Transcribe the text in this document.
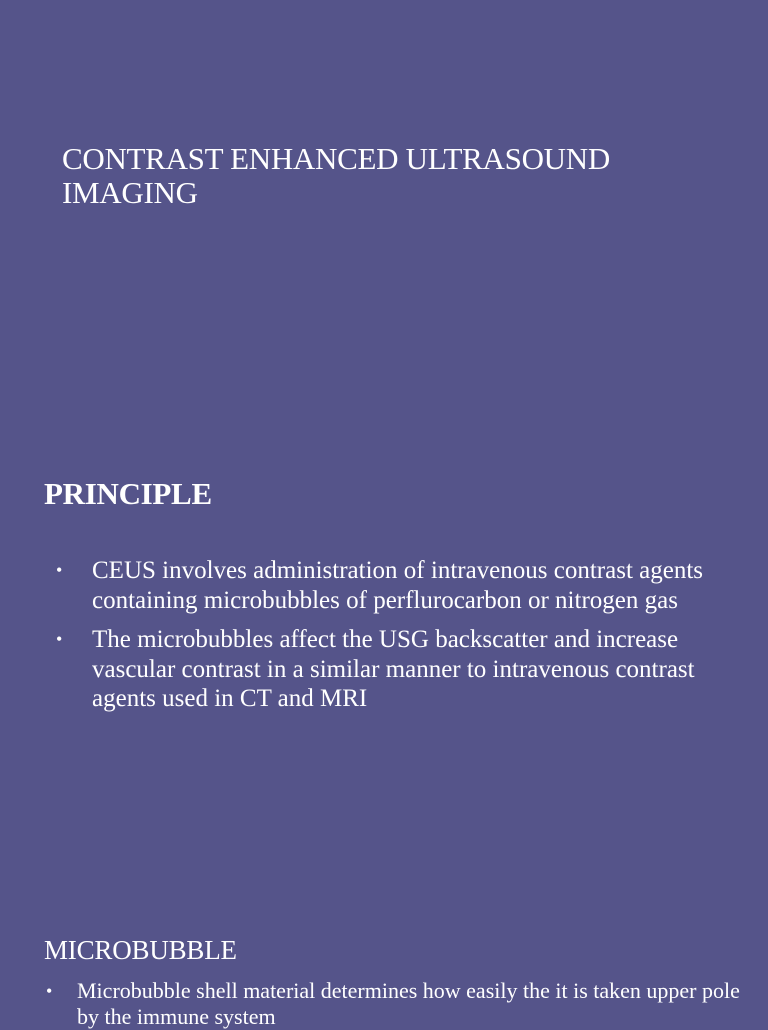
CONTRAST ENHANCED ULTRASOUND IMAGING
PRINCIPLE
• CEUS involves administration of intravenous contrast agents containing microbubbles of perflurocarbon or nitrogen gas
• The microbubbles affect the USG backscatter and increase vascular contrast in a similar manner to intravenous contrast agents used in CT and MRI
MICROBUBBLE
• Microbubble shell material determines how easily the it is taken upper pole by the immune system
